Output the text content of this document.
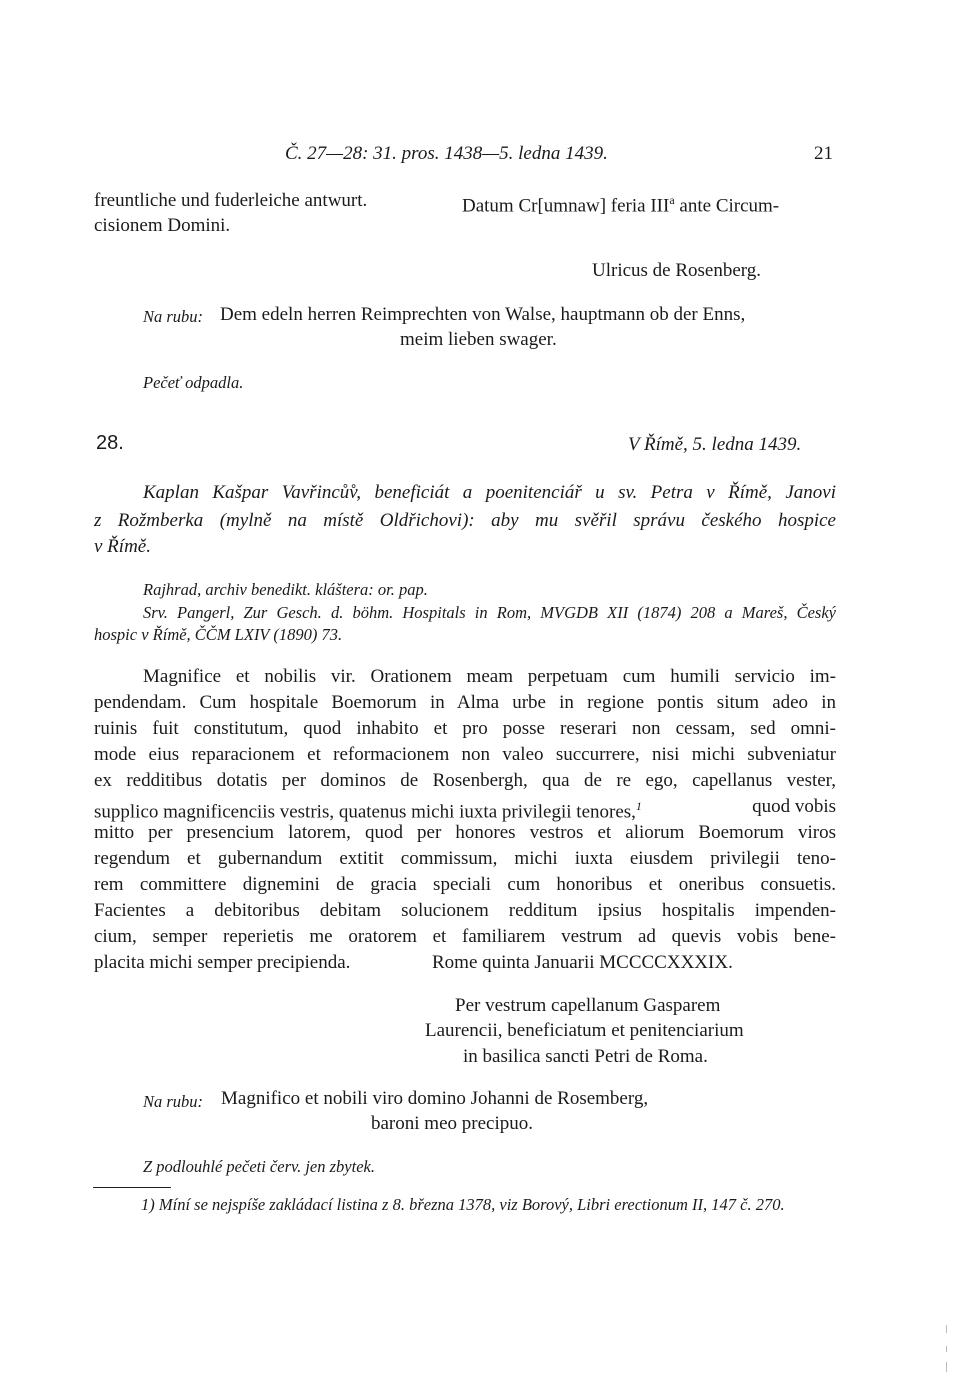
Č. 27—28: 31. pros. 1438—5. ledna 1439.	21
freuntliche und fuderleiche antwurt.	Datum Cr[umnaw] feria III$^a$ ante Circum-
cisionem Domini.
Ulricus de Rosenberg.
Na rubu: Dem edeln herren Reimprechten von Walse, hauptmann ob der Enns,
meim lieben swager.
Pečeť odpadla.
28.	V Římě, 5. ledna 1439.
Kaplan Kašpar Vavřinců̊v, beneficiát a poenitenciář u sv. Petra v Římě, Janovi
z Rožmberka (mylně na místě Oldřichovi): aby mu svěřil správu českého hospice
v Římě.
Rajhrad, archiv benedikt. kláštera: or. pap.
Srv. Pangerl, Zur Gesch. d. böhm. Hospitals in Rom, MVGDB XII (1874) 208 a Mareš, Český
hospic v Římě, ČČM LXIV (1890) 73.
Magnifice et nobilis vir. Orationem meam perpetuam cum humili servicio im-
pendendam. Cum hospitale Boemorum in Alma urbe in regione pontis situm adeo in
ruinis fuit constitutum, quod inhabito et pro posse reserari non cessam, sed omni-
mode eius reparacionem et reformacionem non valeo succurrere, nisi michi subveniatur
ex redditibus dotatis per dominos de Rosenbergh, qua de re ego, capellanus vester,
supplico magnificenciis vestris, quatenus michi iuxta privilegii tenores,$^1$	quod vobis
mitto per presencium latorem, quod per honores vestros et aliorum Boemorum viros
regendum et gubernandum extitit commissum, michi iuxta eiusdem privilegii teno-
rem committere dignemini de gracia speciali cum honoribus et oneribus consuetis.
Facientes a debitoribus debitam solucionem redditum ipsius hospitalis impenden-
cium, semper reperietis me oratorem et familiarem vestrum ad quevis vobis bene-
placita michi semper precipienda.	Rome quinta Januarii MCCCCXXXIX.
Per vestrum capellanum Gasparem
Laurencii, beneficiatum et penitenciarium
in basilica sancti Petri de Roma.
Na rubu: Magnifico et nobili viro domino Johanni de Rosemberg,
baroni meo precipuo.
Z podlouhlé pečeti červ. jen zbytek.
1) Míní se nejspíše zakládací listina z 8. března 1378, viz Borový, Libri erectionum II, 147 č. 270.
